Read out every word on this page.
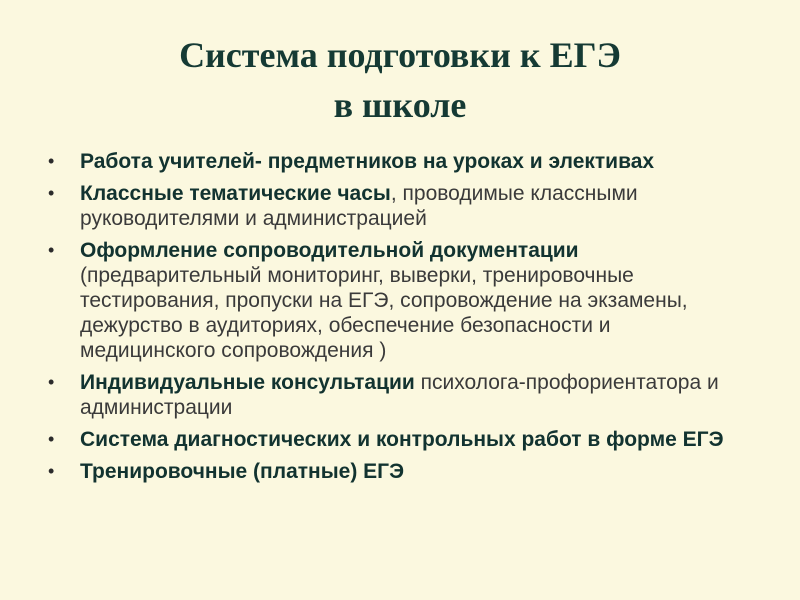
Система подготовки к ЕГЭ
в школе
• Работа учителей- предметников на уроках и элективах
• Классные тематические часы, проводимые классными руководителями и администрацией
• Оформление сопроводительной документации (предварительный мониторинг, выверки, тренировочные тестирования, пропуски на ЕГЭ, сопровождение на экзамены, дежурство в аудиториях, обеспечение безопасности и медицинского сопровождения )
• Индивидуальные консультации психолога-профориентатора и администрации
• Система диагностических и контрольных работ в форме ЕГЭ
• Тренировочные (платные) ЕГЭ
